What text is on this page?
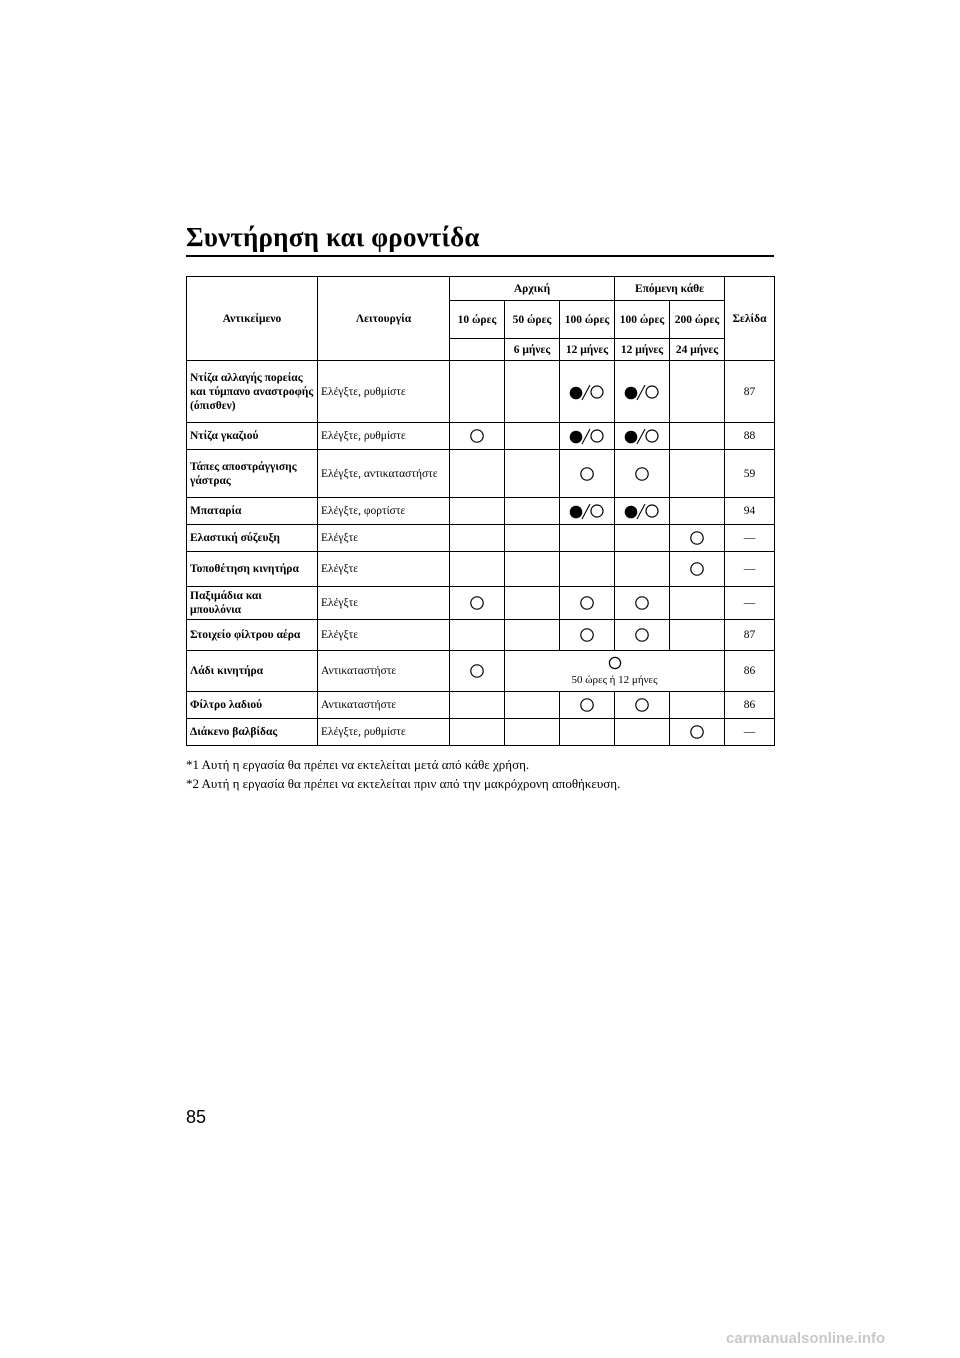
Συντήρηση και φροντίδα
Αντικείμενο	Λειτουργία	Αρχική			Επόμενη κάθε		Σελίδα
		10 ώρες	50 ώρες	100 ώρες	100 ώρες	200 ώρες	
			6 μήνες	12 μήνες	12 μήνες	24 μήνες	
Ντίζα αλλαγής πορείας και τύμπανο αναστροφής (όπισθεν)	Ελέγξτε, ρυθμίστε						87
Ντίζα γκαζιού	Ελέγξτε, ρυθμίστε						88
Τάπες αποστράγγισης γάστρας	Ελέγξτε, αντικαταστήστε						59
Μπαταρία	Ελέγξτε, φορτίστε						94
Ελαστική σύζευξη	Ελέγξτε						—
Τοποθέτηση κινητήρα	Ελέγξτε						—
Παξιμάδια και μπουλόνια	Ελέγξτε						—
Στοιχείο φίλτρου αέρα	Ελέγξτε						87
Λάδι κινητήρα	Αντικαταστήστε		50 ώρες ή 12 μήνες				86
Φίλτρο λαδιού	Αντικαταστήστε						86
Διάκενο βαλβίδας	Ελέγξτε, ρυθμίστε						—
*1 Αυτή η εργασία θα πρέπει να εκτελείται μετά από κάθε χρήση.
*2 Αυτή η εργασία θα πρέπει να εκτελείται πριν από την μακρόχρονη αποθήκευση.
85
carmanualsonline.info
